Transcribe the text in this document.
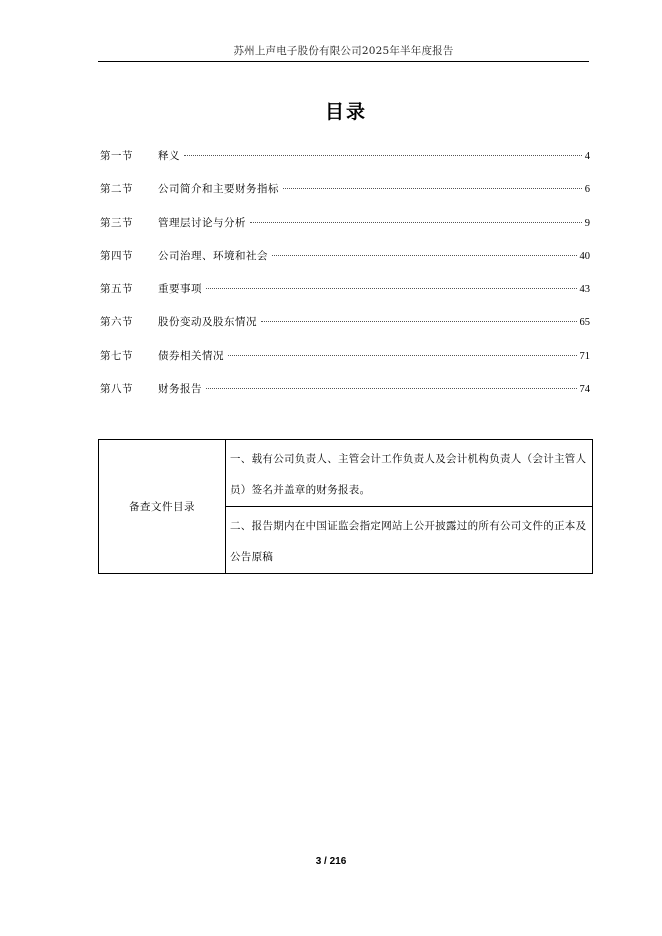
苏州上声电子股份有限公司2025年半年度报告
目录
第一节	释义	4
第二节	公司简介和主要财务指标	6
第三节	管理层讨论与分析	9
第四节	公司治理、环境和社会	40
第五节	重要事项	43
第六节	股份变动及股东情况	65
第七节	债券相关情况	71
第八节	财务报告	74
备查文件目录	一、载有公司负责人、主管会计工作负责人及会计机构负责人（会计主管人员）签名并盖章的财务报表。
二、报告期内在中国证监会指定网站上公开披露过的所有公司文件的正本及公告原稿
3 / 216
